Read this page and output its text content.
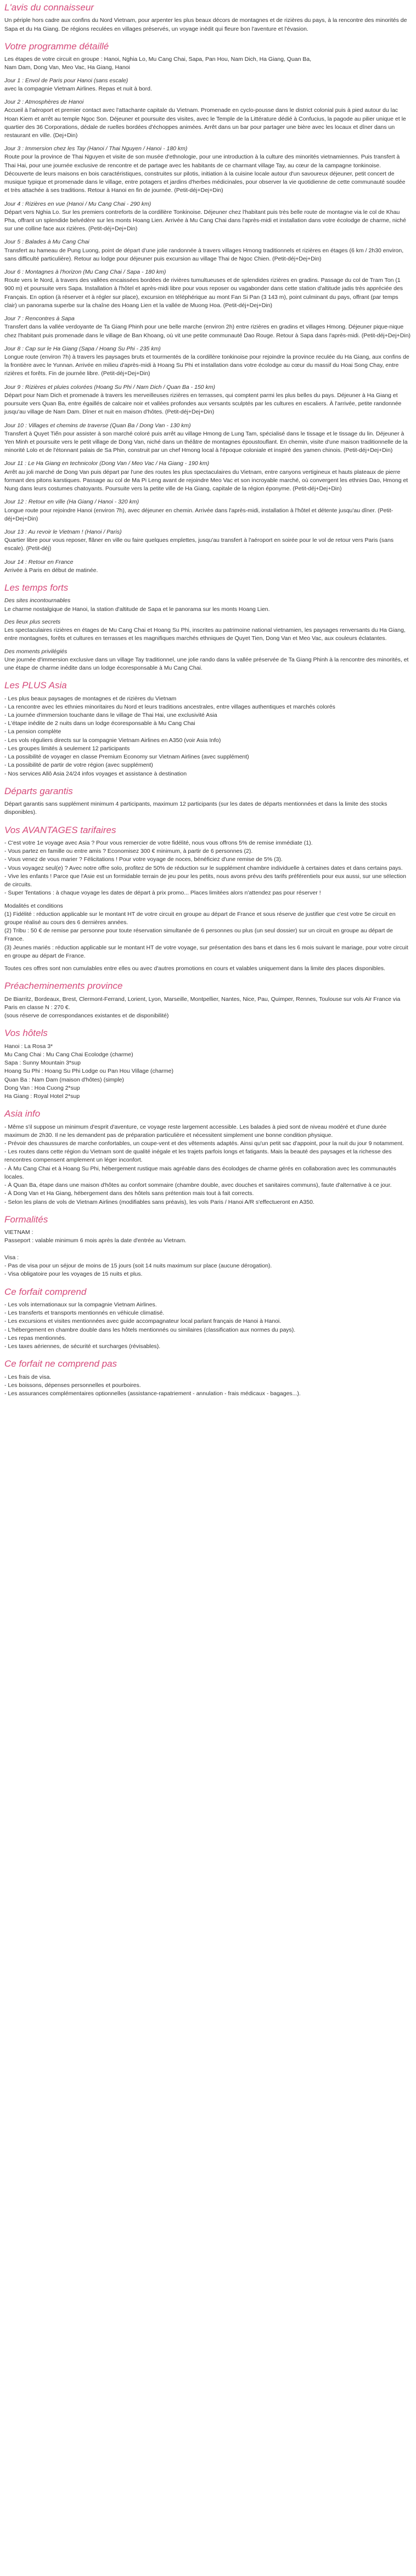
L'avis du connaisseur

Un périple hors cadre aux confins du Nord Vietnam, pour arpenter les plus beaux décors de montagnes et de rizières du pays, à la rencontre des minorités de Sapa et du Ha Giang. De régions reculées en villages préservés, un voyage inédit qui fleure bon l'aventure et l'évasion.

Votre programme détaillé

Les étapes de votre circuit en groupe : Hanoi, Nghia Lo, Mu Cang Chai, Sapa, Pan Hou, Nam Dich, Ha Giang, Quan Ba,
Nam Dam, Dong Van, Meo Vac, Ha Giang, Hanoi

Jour 1 : Envol de Paris pour Hanoi (sans escale)
avec la compagnie Vietnam Airlines. Repas et nuit à bord.
Jour 2 : Atmosphères de Hanoi
Accueil à l'aéroport et premier contact avec l'attachante capitale du Vietnam. Promenade en cyclo-pousse dans le district colonial puis à pied autour du lac Hoan Kiem et arrêt au temple Ngoc Son. Déjeuner et poursuite des visites, avec le Temple de la Littérature dédié à Confucius, la pagode au pilier unique et le quartier des 36 Corporations, dédale de ruelles bordées d'échoppes animées. Arrêt dans un bar pour partager une bière avec les locaux et dîner dans un restaurant en ville. (Dej+Din)
Jour 3 : Immersion chez les Tay (Hanoi / Thai Nguyen / Hanoi - 180 km)
Route pour la province de Thai Nguyen et visite de son musée d'ethnologie, pour une introduction à la culture des minorités vietnamiennes. Puis transfert à Thai Hai, pour une journée exclusive de rencontre et de partage avec les habitants de ce charmant village Tay, au cœur de la campagne tonkinoise. Découverte de leurs maisons en bois caractéristiques, construites sur pilotis, initiation à la cuisine locale autour d'un savoureux déjeuner, petit concert de musique typique et promenade dans le village, entre potagers et jardins d'herbes médicinales, pour observer la vie quotidienne de cette communauté soudée et très attachée à ses traditions. Retour à Hanoi en fin de journée. (Petit-déj+Dej+Din)
Jour 4 : Rizières en vue (Hanoi / Mu Cang Chai - 290 km)
Départ vers Nghia Lo. Sur les premiers contreforts de la cordillère Tonkinoise. Déjeuner chez l'habitant puis très belle route de montagne via le col de Khau Pha, offrant un splendide belvédère sur les monts Hoang Lien. Arrivée à Mu Cang Chai dans l'après-midi et installation dans votre écolodge de charme, niché sur une colline face aux rizières. (Petit-déj+Dej+Din)
Jour 5 : Balades à Mu Cang Chai
Transfert au hameau de Pung Luong, point de départ d'une jolie randonnée à travers villages Hmong traditionnels et rizières en étages (6 km / 2h30 environ, sans difficulté particulière). Retour au lodge pour déjeuner puis excursion au village Thai de Ngoc Chien. (Petit-déj+Dej+Din)
Jour 6 : Montagnes à l'horizon (Mu Cang Chai / Sapa - 180 km)
Route vers le Nord, à travers des vallées encaissées bordées de rivières tumultueuses et de splendides rizières en gradins. Passage du col de Tram Ton (1 900 m) et poursuite vers Sapa. Installation à l'hôtel et après-midi libre pour vous reposer ou vagabonder dans cette station d'altitude jadis très appréciée des Français. En option (à réserver et à régler sur place), excursion en téléphérique au mont Fan Si Pan (3 143 m), point culminant du pays, offrant (par temps clair) un panorama superbe sur la chaîne des Hoang Lien et la vallée de Muong Hoa. (Petit-déj+Dej+Din)
Jour 7 : Rencontres à Sapa
Transfert dans la vallée verdoyante de Ta Giang Phinh pour une belle marche (environ 2h) entre rizières en gradins et villages Hmong. Déjeuner pique-nique chez l'habitant puis promenade dans le village de Ban Khoang, où vit une petite communauté Dao Rouge. Retour à Sapa dans l'après-midi. (Petit-déj+Dej+Din)
Jour 8 : Cap sur le Ha Giang (Sapa / Hoang Su Phi - 235 km)
Longue route (environ 7h) à travers les paysages bruts et tourmentés de la cordillère tonkinoise pour rejoindre la province reculée du Ha Giang, aux confins de la frontière avec le Yunnan. Arrivée en milieu d'après-midi à Hoang Su Phi et installation dans votre écolodge au cœur du massif du Hoai Song Chay, entre rizières et forêts. Fin de journée libre. (Petit-déj+Dej+Din)
Jour 9 : Rizières et pluies colorées (Hoang Su Phi / Nam Dich / Quan Ba - 150 km)
Départ pour Nam Dich et promenade à travers les merveilleuses rizières en terrasses, qui comptent parmi les plus belles du pays. Déjeuner à Ha Giang et poursuite vers Quan Ba, entre égaillés de calcaire noir et vallées profondes aux versants sculptés par les cultures en escaliers. À l'arrivée, petite randonnée jusqu'au village de Nam Dam. Dîner et nuit en maison d'hôtes. (Petit-déj+Dej+Din)
Jour 10 : Villages et chemins de traverse (Quan Ba / Dong Van - 130 km)
Transfert à Quyet Tiến pour assister à son marché coloré puis arrêt au village Hmong de Lung Tam, spécialisé dans le tissage et le tissage du lin. Déjeuner à Yen Minh et poursuite vers le petit village de Dong Van, niché dans un théâtre de montagnes époustouflant. En chemin, visite d'une maison traditionnelle de la minorité Lolo et de l'étonnant palais de Sa Phin, construit par un chef Hmong local à l'époque coloniale et inspiré des yamen chinois. (Petit-déj+Dej+Din)
Jour 11 : Le Ha Giang en technicolor (Dong Van / Meo Vac / Ha Giang - 190 km)
Arrêt au joli marché de Dong Van puis départ par l'une des routes les plus spectaculaires du Vietnam, entre canyons vertigineux et hauts plateaux de pierre formant des pitons karstiques. Passage au col de Ma Pi Leng avant de rejoindre Meo Vac et son incroyable marché, où convergent les ethnies Dao, Hmong et Nung dans leurs costumes chatoyants. Poursuite vers la petite ville de Ha Giang, capitale de la région éponyme. (Petit-déj+Dej+Din)
Jour 12 : Retour en ville (Ha Giang / Hanoi - 320 km)
Longue route pour rejoindre Hanoi (environ 7h), avec déjeuner en chemin. Arrivée dans l'après-midi, installation à l'hôtel et détente jusqu'au dîner. (Petit-déj+Dej+Din)
Jour 13 : Au revoir le Vietnam ! (Hanoi / Paris)
Quartier libre pour vous reposer, flâner en ville ou faire quelques emplettes, jusqu'au transfert à l'aéroport en soirée pour le vol de retour vers Paris (sans escale). (Petit-déj)
Jour 14 : Retour en France
Arrivée à Paris en début de matinée.
Les temps forts
Des sites incontournables
Le charme nostalgique de Hanoi, la station d'altitude de Sapa et le panorama sur les monts Hoang Lien.
Des lieux plus secrets
Les spectaculaires rizières en étages de Mu Cang Chai et Hoang Su Phi, inscrites au patrimoine national vietnamien, les paysages renversants du Ha Giang, entre montagnes, forêts et cultures en terrasses et les magnifiques marchés ethniques de Quyet Tien, Dong Van et Meo Vac, aux couleurs éclatantes.
Des moments privilégiés
Une journée d'immersion exclusive dans un village Tay traditionnel, une jolie rando dans la vallée préservée de Ta Giang Phinh à la rencontre des minorités, et une étape de charme inédite dans un lodge écoresponsable à Mu Cang Chai.
Les PLUS Asia
- Les plus beaux paysages de montagnes et de rizières du Vietnam
- La rencontre avec les ethnies minoritaires du Nord et leurs traditions ancestrales, entre villages authentiques et marchés colorés
- La journée d'immersion touchante dans le village de Thai Hai, une exclusivité Asia
- L'étape inédite de 2 nuits dans un lodge écoresponsable à Mu Cang Chai
- La pension complète
- Les vols réguliers directs sur la compagnie Vietnam Airlines en A350 (voir Asia Info)
- Les groupes limités à seulement 12 participants
- La possibilité de voyager en classe Premium Economy sur Vietnam Airlines (avec supplément)
- La possibilité de partir de votre région (avec supplément)
- Nos services Allô Asia 24/24 infos voyages et assistance à destination
Départs garantis

Départ garantis sans supplément minimum 4 participants, maximum 12 participants (sur les dates de départs mentionnées et dans la limite des stocks disponibles).

Vos AVANTAGES tarifaires
- C'est votre 1e voyage avec Asia ? Pour vous remercier de votre fidélité, nous vous offrons 5% de remise immédiate (1).
- Vous partez en famille ou entre amis ? Economisez 300 € minimum, à partir de 6 personnes (2).
- Vous venez de vous marier ? Félicitations ! Pour votre voyage de noces, bénéficiez d'une remise de 5% (3).
- Vous voyagez seul(e) ? Avec notre offre solo, profitez de 50% de réduction sur le supplément chambre individuelle à certaines dates et dans certains pays.
- Vive les enfants ! Parce que l'Asie est un formidable terrain de jeu pour les petits, nous avons prévu des tarifs préférentiels pour eux aussi, sur une sélection de circuits.
- Super Tentations : à chaque voyage les dates de départ à prix promo... Places limitées alors n'attendez pas pour réserver !
Modalités et conditions
(1) Fidélité : réduction applicable sur le montant HT de votre circuit en groupe au départ de France et sous réserve de justifier que c'est votre 5e circuit en groupe réalisé au cours des 6 dernières années.
(2) Tribu : 50 € de remise par personne pour toute réservation simultanée de 6 personnes ou plus (un seul dossier) sur un circuit en groupe au départ de France.
(3) Jeunes mariés : réduction applicable sur le montant HT de votre voyage, sur présentation des bans et dans les 6 mois suivant le mariage, pour votre circuit en groupe au départ de France.

Toutes ces offres sont non cumulables entre elles ou avec d'autres promotions en cours et valables uniquement dans la limite des places disponibles.

Préacheminements province

De Biarritz, Bordeaux, Brest, Clermont-Ferrand, Lorient, Lyon, Marseille, Montpellier, Nantes, Nice, Pau, Quimper, Rennes, Toulouse sur vols Air France via Paris en classe N : 270 €.
(sous réserve de correspondances existantes et de disponibilité)

Vos hôtels
Hanoi : La Rosa 3*
Mu Cang Chai : Mu Cang Chai Ecolodge (charme)
Sapa : Sunny Mountain 3*sup
Hoang Su Phi : Hoang Su Phi Lodge ou Pan Hou Village (charme)
Quan Ba : Nam Dam (maison d'hôtes) (simple)
Dong Van : Hoa Cuong 2*sup
Ha Giang : Royal Hotel 2*sup
Asia info
- Même s'il suppose un minimum d'esprit d'aventure, ce voyage reste largement accessible. Les balades à pied sont de niveau modéré et d'une durée maximum de 2h30. Il ne les demandent pas de préparation particulière et nécessitent simplement une bonne condition physique.
- Prévoir des chaussures de marche confortables, un coupe-vent et des vêtements adaptés. Ainsi qu'un petit sac d'appoint, pour la nuit du jour 9 notamment.
- Les routes dans cette région du Vietnam sont de qualité inégale et les trajets parfois longs et fatigants. Mais la beauté des paysages et la richesse des rencontres compensent amplement un léger inconfort.
- À Mu Cang Chai et à Hoang Su Phi, hébergement rustique mais agréable dans des écolodges de charme gérés en collaboration avec les communautés locales.
- À Quan Ba, étape dans une maison d'hôtes au confort sommaire (chambre double, avec douches et sanitaires communs), faute d'alternative à ce jour.
- À Dong Van et Ha Giang, hébergement dans des hôtels sans prétention mais tout à fait corrects.
- Selon les plans de vols de Vietnam Airlines (modifiables sans préavis), les vols Paris / Hanoi A/R s'effectueront en A350.
Formalités
VIETNAM :
Passeport : valable minimum 6 mois après la date d'entrée au Vietnam.

Visa :
- Pas de visa pour un séjour de moins de 15 jours (soit 14 nuits maximum sur place (aucune dérogation).
- Visa obligatoire pour les voyages de 15 nuits et plus.
Ce forfait comprend
- Les vols internationaux sur la compagnie Vietnam Airlines.
- Les transferts et transports mentionnés en véhicule climatisé.
- Les excursions et visites mentionnées avec guide accompagnateur local parlant français de Hanoi à Hanoi.
- L'hébergement en chambre double dans les hôtels mentionnés ou similaires (classification aux normes du pays).
- Les repas mentionnés.
- Les taxes aériennes, de sécurité et surcharges (révisables).
Ce forfait ne comprend pas
- Les frais de visa.
- Les boissons, dépenses personnelles et pourboires.
- Les assurances complémentaires optionnelles (assistance-rapatriement - annulation - frais médicaux - bagages...).
